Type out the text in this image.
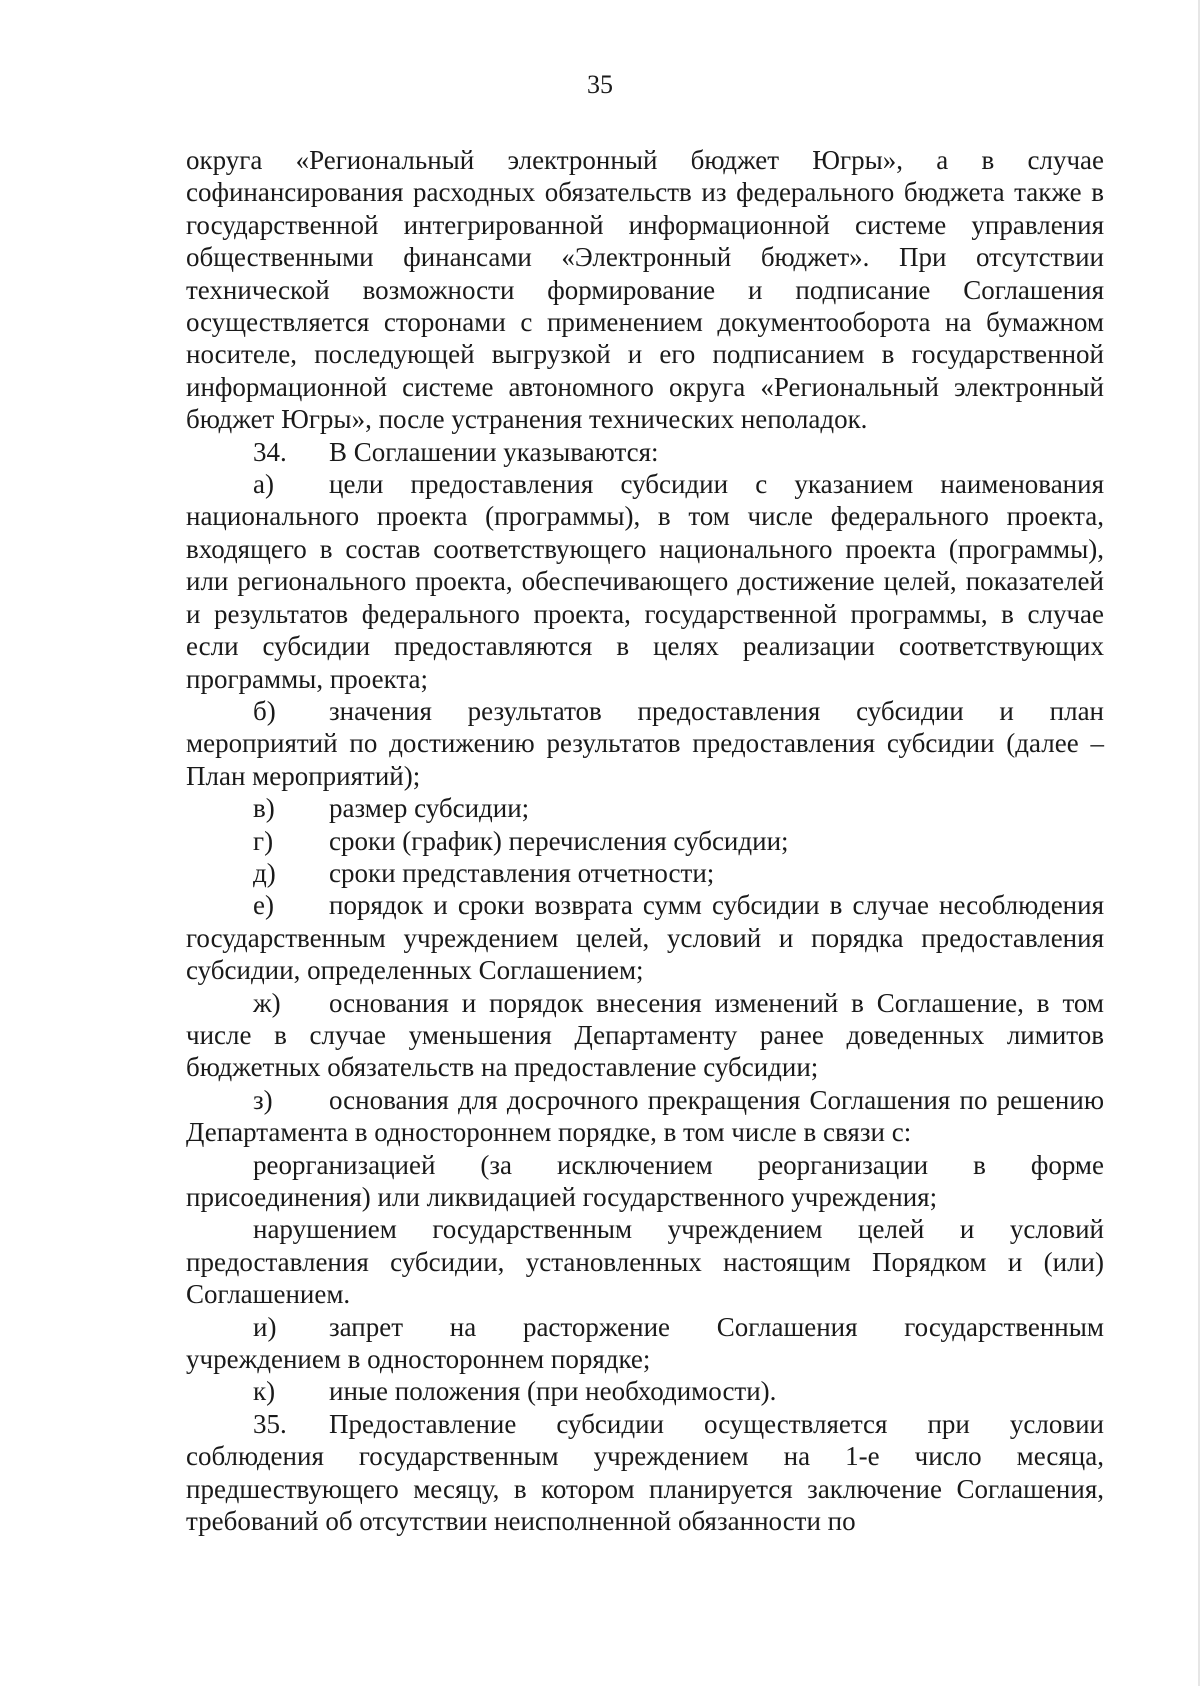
35

округа «Региональный электронный бюджет Югры», а в случае софинансирования расходных обязательств из федерального бюджета также в государственной интегрированной информационной системе управления общественными финансами «Электронный бюджет». При отсутствии технической возможности формирование и подписание Соглашения осуществляется сторонами с применением документооборота на бумажном носителе, последующей выгрузкой и его подписанием в государственной информационной системе автономного округа «Региональный электронный бюджет Югры», после устранения технических неполадок.

34. В Соглашении указываются:

а) цели предоставления субсидии с указанием наименования национального проекта (программы), в том числе федерального проекта, входящего в состав соответствующего национального проекта (программы), или регионального проекта, обеспечивающего достижение целей, показателей и результатов федерального проекта, государственной программы, в случае если субсидии предоставляются в целях реализации соответствующих программы, проекта;

б) значения результатов предоставления субсидии и план мероприятий по достижению результатов предоставления субсидии (далее – План мероприятий);

в) размер субсидии;

г) сроки (график) перечисления субсидии;

д) сроки представления отчетности;

е) порядок и сроки возврата сумм субсидии в случае несоблюдения государственным учреждением целей, условий и порядка предоставления субсидии, определенных Соглашением;

ж) основания и порядок внесения изменений в Соглашение, в том числе в случае уменьшения Департаменту ранее доведенных лимитов бюджетных обязательств на предоставление субсидии;

з) основания для досрочного прекращения Соглашения по решению Департамента в одностороннем порядке, в том числе в связи с:

реорганизацией (за исключением реорганизации в форме присоединения) или ликвидацией государственного учреждения;

нарушением государственным учреждением целей и условий предоставления субсидии, установленных настоящим Порядком и (или) Соглашением.

и) запрет на расторжение Соглашения государственным учреждением в одностороннем порядке;

к) иные положения (при необходимости).

35. Предоставление субсидии осуществляется при условии соблюдения государственным учреждением на 1-е число месяца, предшествующего месяцу, в котором планируется заключение Соглашения, требований об отсутствии неисполненной обязанности по
